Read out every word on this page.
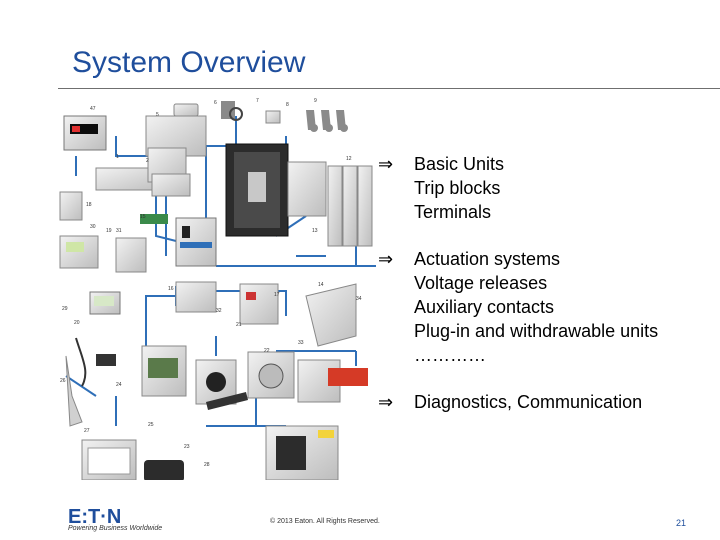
System Overview
47
5
6	7
8
9
2
1	12
13
14
15
16
17
18
19
20	21
22
23
24
25
26
27
28
29
30
31
32
33
34
⇒ Basic Units
Trip blocks
Terminals
⇒ Actuation systems
Voltage releases
Auxiliary contacts
Plug-in and withdrawable units
…………
⇒ Diagnostics, Communication
E:T·N
Powering Business Worldwide
© 2013 Eaton. All Rights Reserved.	21
